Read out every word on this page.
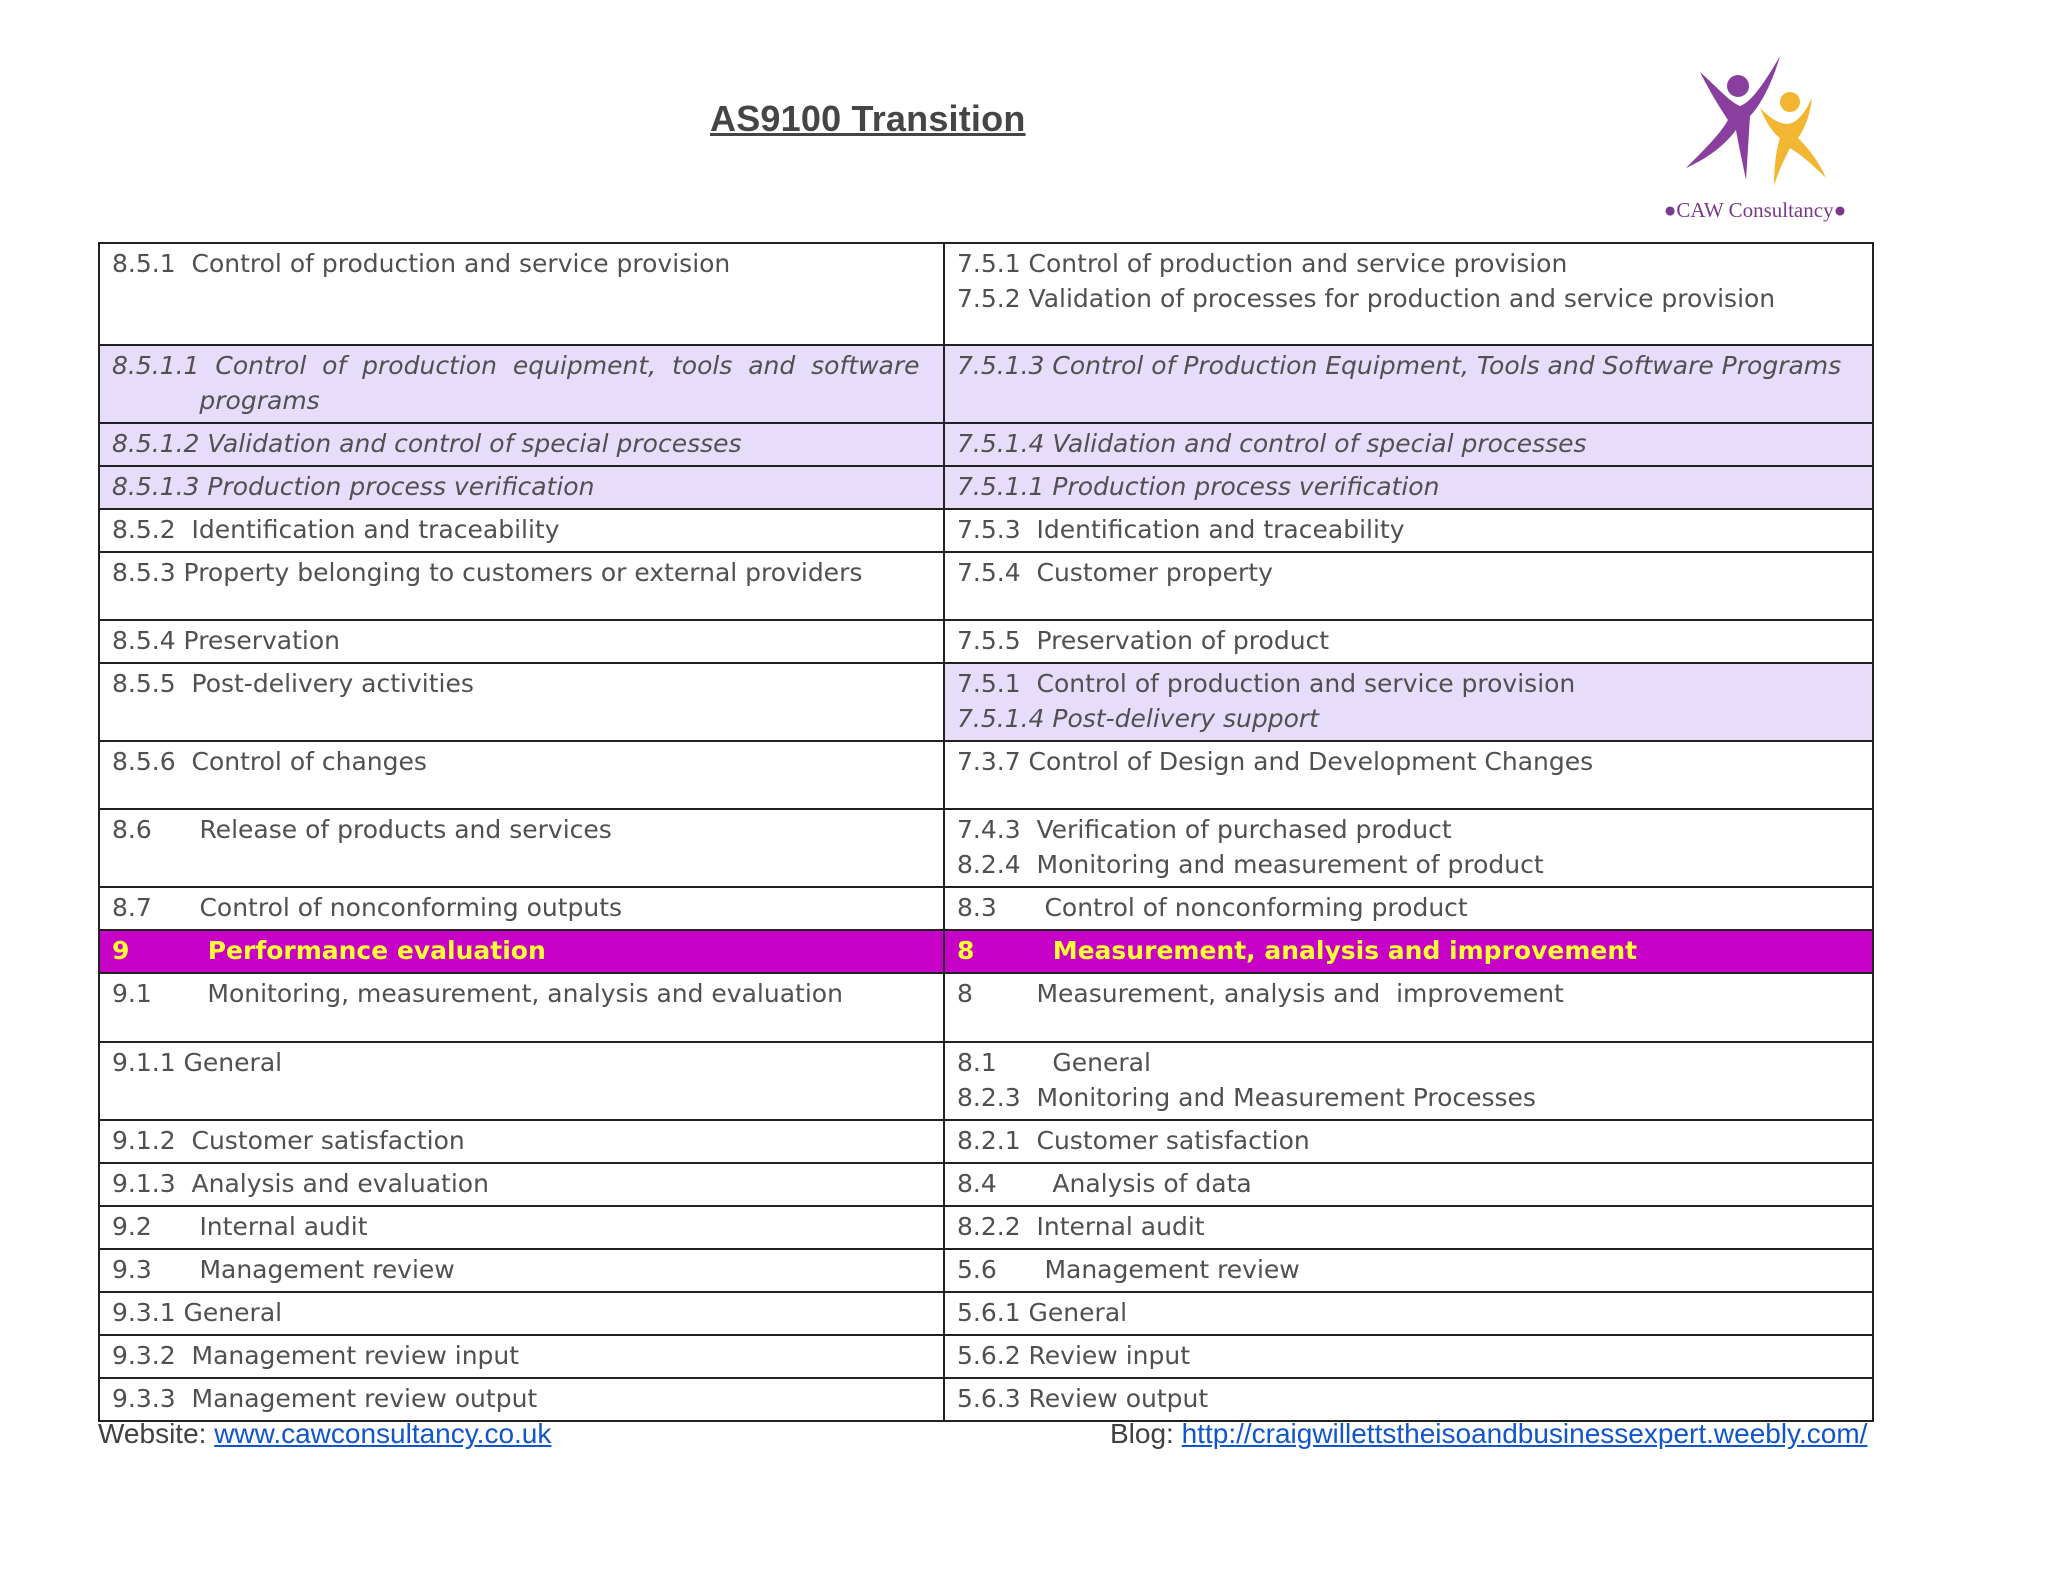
AS9100 Transition
●CAW Consultancy●
8.5.1  Control of production and service provision	7.5.1 Control of production and service provision
7.5.2 Validation of processes for production and service provision

8.5.1.1  Control  of  production  equipment,  tools  and  software
programs	7.5.1.3 Control of Production Equipment, Tools and Software Programs

8.5.1.2 Validation and control of special processes	7.5.1.4 Validation and control of special processes

8.5.1.3 Production process verification	7.5.1.1 Production process verification

8.5.2  Identification and traceability	7.5.3  Identification and traceability

8.5.3 Property belonging to customers or external providers	7.5.4  Customer property

8.5.4 Preservation	7.5.5  Preservation of product

8.5.5  Post-delivery activities	7.5.1  Control of production and service provision
7.5.1.4 Post-delivery support

8.5.6  Control of changes	7.3.7 Control of Design and Development Changes

8.6      Release of products and services	7.4.3  Verification of purchased product
8.2.4  Monitoring and measurement of product

8.7      Control of nonconforming outputs	8.3      Control of nonconforming product

9         Performance evaluation	8         Measurement, analysis and improvement

9.1       Monitoring, measurement, analysis and evaluation	8        Measurement, analysis and  improvement

9.1.1 General	8.1       General
8.2.3  Monitoring and Measurement Processes

9.1.2  Customer satisfaction	8.2.1  Customer satisfaction

9.1.3  Analysis and evaluation	8.4       Analysis of data

9.2      Internal audit	8.2.2  Internal audit

9.3      Management review	5.6      Management review

9.3.1 General	5.6.1 General

9.3.2  Management review input	5.6.2 Review input

9.3.3  Management review output	5.6.3 Review output
Website: www.cawconsultancy.co.uk	Blog: http://craigwillettstheisoandbusinessexpert.weebly.com/
